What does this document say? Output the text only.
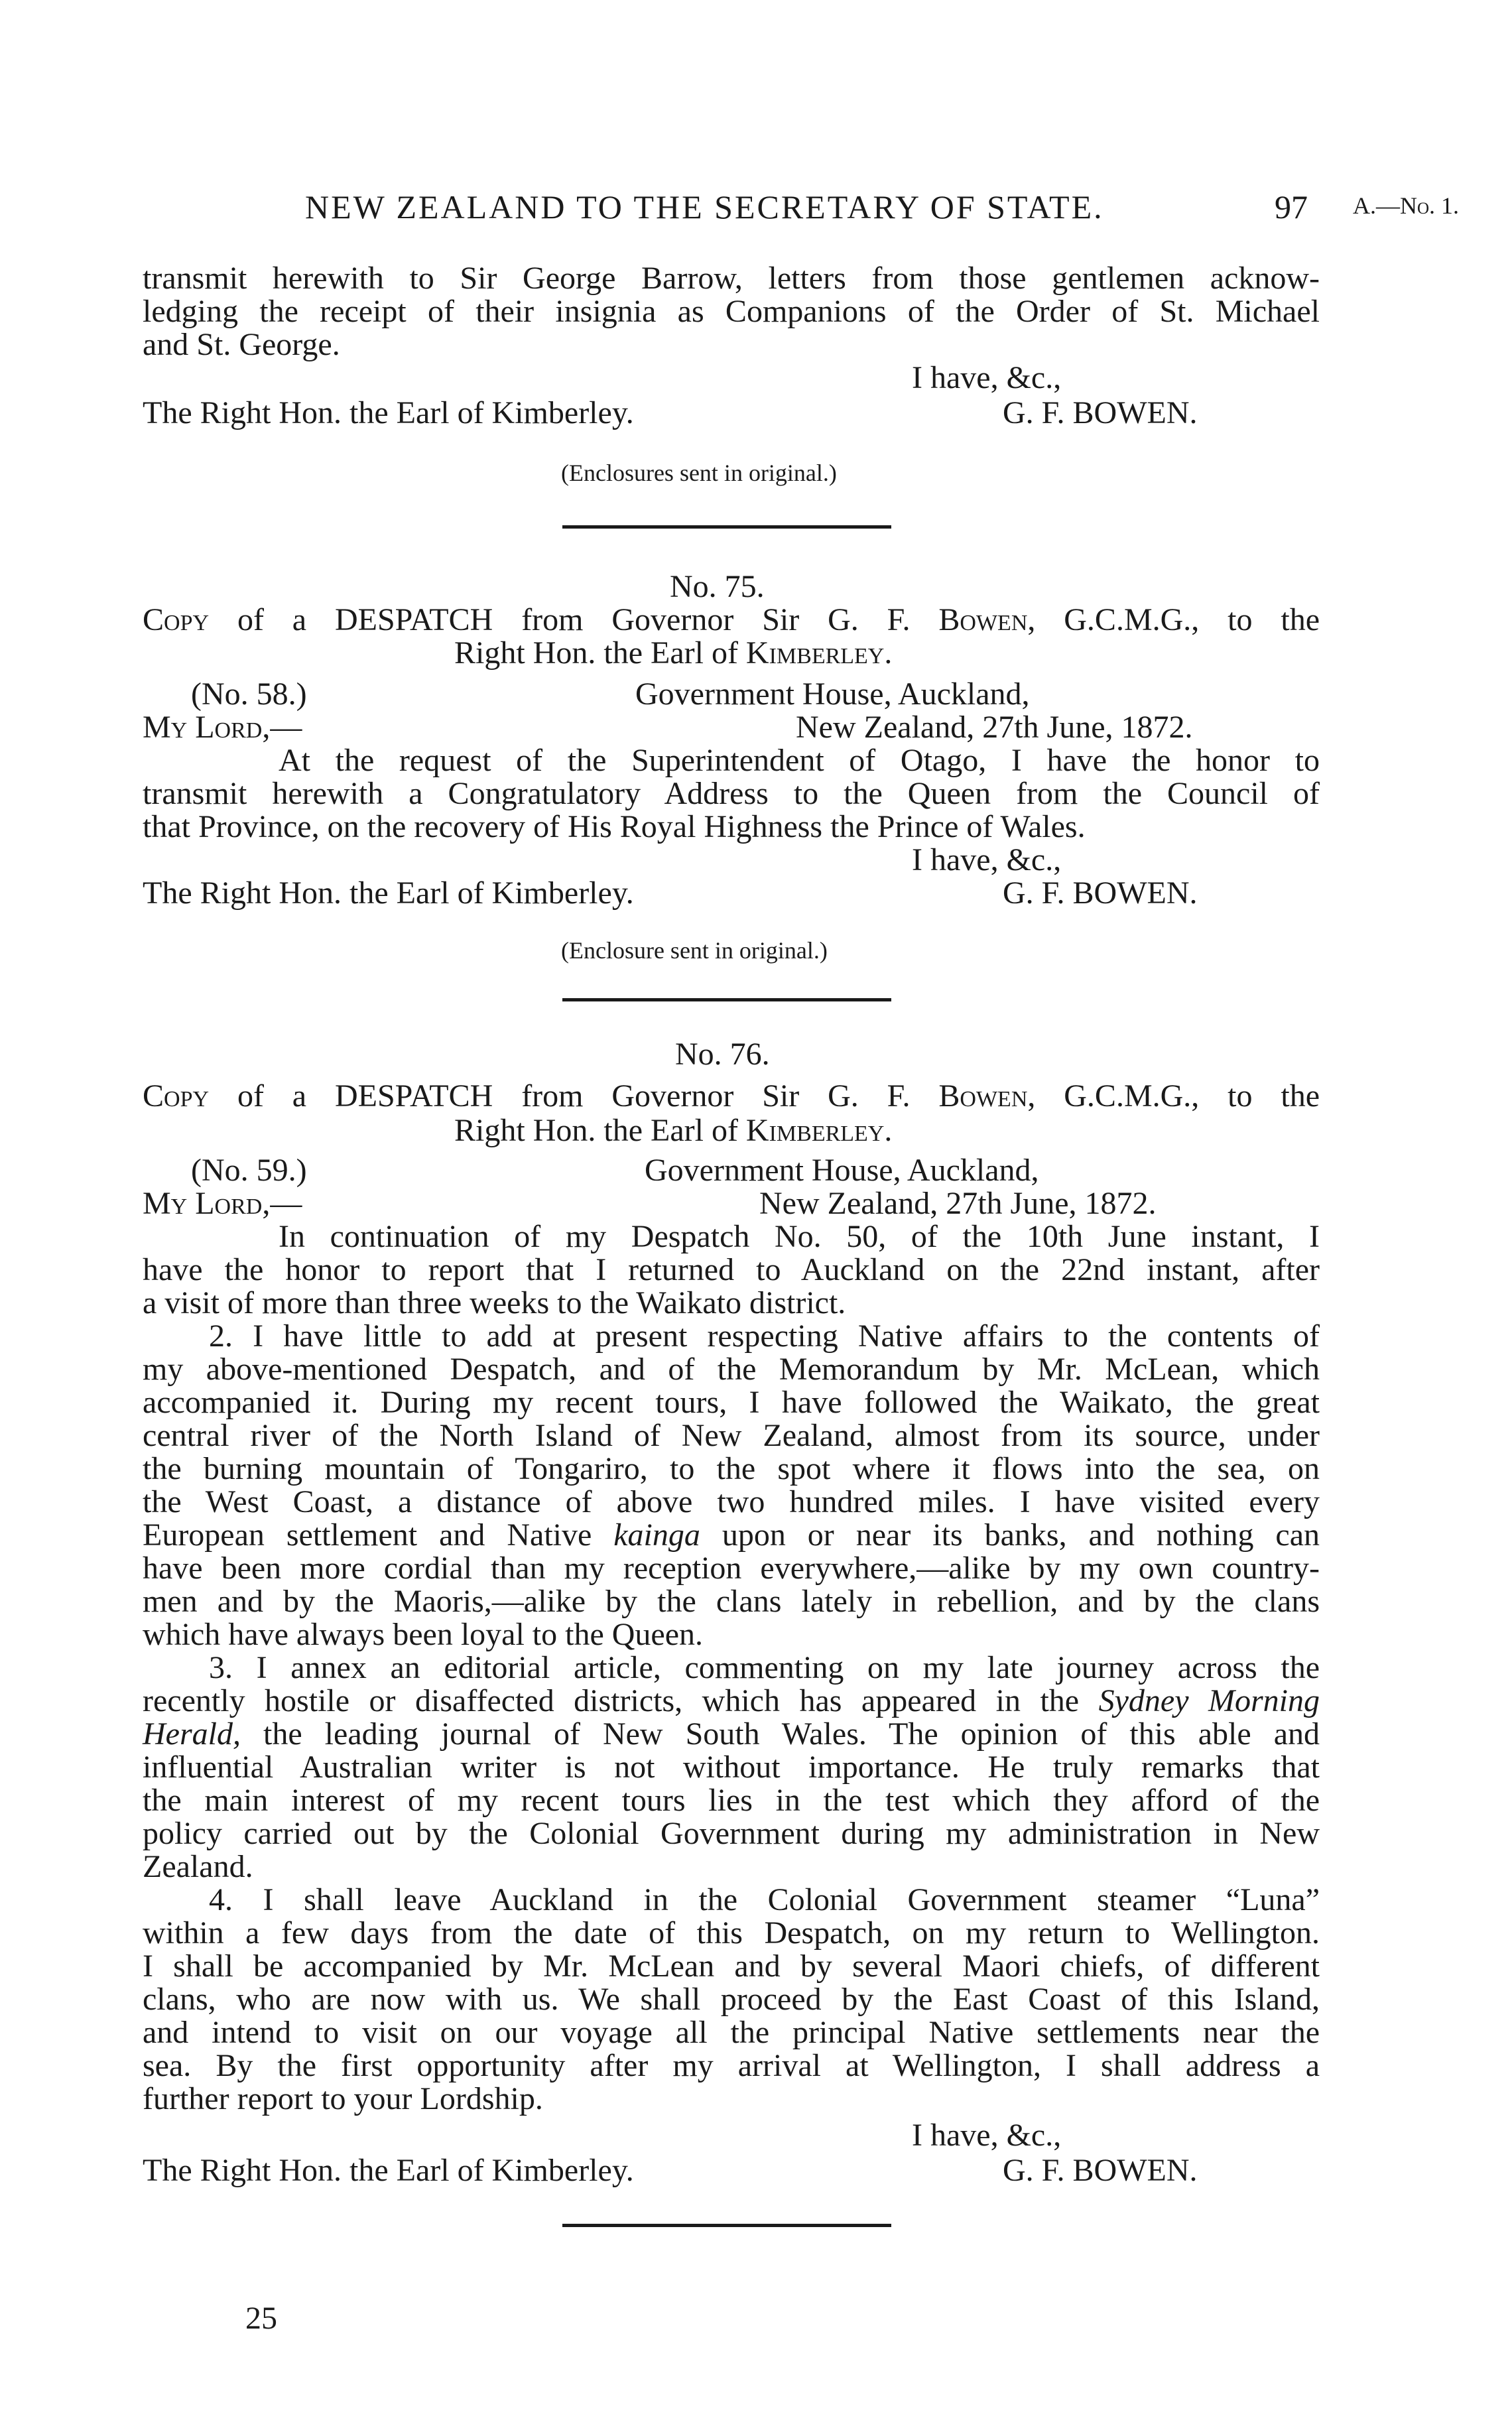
NEW ZEALAND TO THE SECRETARY OF STATE.	97 A.—No. 1.
transmit herewith to Sir George Barrow, letters from those gentlemen acknow-
ledging the receipt of their insignia as Companions of the Order of St. Michael
and St. George.
I have, &c.,
The Right Hon. the Earl of Kimberley.	G. F. BOWEN.
(Enclosures sent in original.)
No. 75.
Copy of a DESPATCH from Governor Sir G. F. Bowen, G.C.M.G., to the
Right Hon. the Earl of Kimberley.
(No. 58.)	Government House, Auckland,
My Lord,—	New Zealand, 27th June, 1872.
At the request of the Superintendent of Otago, I have the honor to
transmit herewith a Congratulatory Address to the Queen from the Council of
that Province, on the recovery of His Royal Highness the Prince of Wales.
I have, &c.,
The Right Hon. the Earl of Kimberley.	G. F. BOWEN.
(Enclosure sent in original.)
No. 76.
Copy of a DESPATCH from Governor Sir G. F. Bowen, G.C.M.G., to the
Right Hon. the Earl of Kimberley.
(No. 59.)	Government House, Auckland,
My Lord,—	New Zealand, 27th June, 1872.
In continuation of my Despatch No. 50, of the 10th June instant, I
have the honor to report that I returned to Auckland on the 22nd instant, after
a visit of more than three weeks to the Waikato district.
2. I have little to add at present respecting Native affairs to the contents of
my above-mentioned Despatch, and of the Memorandum by Mr. McLean, which
accompanied it. During my recent tours, I have followed the Waikato, the great
central river of the North Island of New Zealand, almost from its source, under
the burning mountain of Tongariro, to the spot where it flows into the sea, on
the West Coast, a distance of above two hundred miles. I have visited every
European settlement and Native kainga upon or near its banks, and nothing can
have been more cordial than my reception everywhere,—alike by my own country-
men and by the Maoris,—alike by the clans lately in rebellion, and by the clans
which have always been loyal to the Queen.
3. I annex an editorial article, commenting on my late journey across the
recently hostile or disaffected districts, which has appeared in the Sydney Morning
Herald, the leading journal of New South Wales. The opinion of this able and
influential Australian writer is not without importance. He truly remarks that
the main interest of my recent tours lies in the test which they afford of the
policy carried out by the Colonial Government during my administration in New
Zealand.
4. I shall leave Auckland in the Colonial Government steamer “Luna”
within a few days from the date of this Despatch, on my return to Wellington.
I shall be accompanied by Mr. McLean and by several Maori chiefs, of different
clans, who are now with us. We shall proceed by the East Coast of this Island,
and intend to visit on our voyage all the principal Native settlements near the
sea. By the first opportunity after my arrival at Wellington, I shall address a
further report to your Lordship.
I have, &c.,
The Right Hon. the Earl of Kimberley.	G. F. BOWEN.
25
